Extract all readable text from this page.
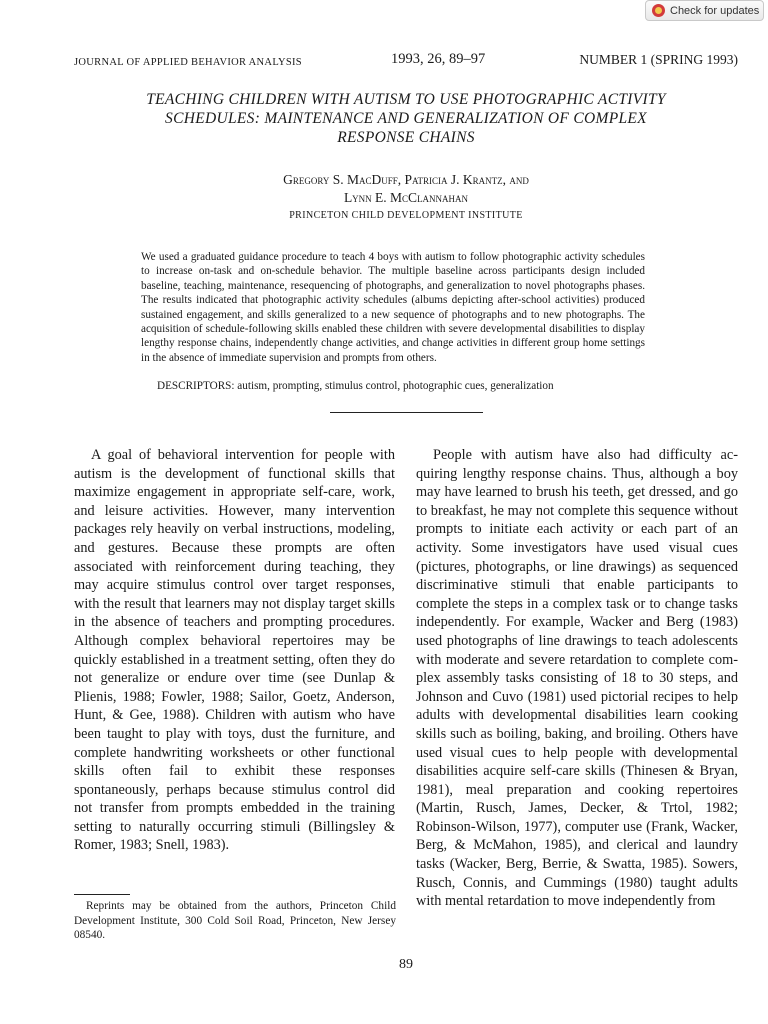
Check for updates
JOURNAL OF APPLIED BEHAVIOR ANALYSIS	1993, 26, 89–97	NUMBER 1 (SPRING 1993)
TEACHING CHILDREN WITH AUTISM TO USE PHOTOGRAPHIC ACTIVITY SCHEDULES: MAINTENANCE AND GENERALIZATION OF COMPLEX RESPONSE CHAINS
Gregory S. MacDuff, Patricia J. Krantz, and
Lynn E. McClannahan
PRINCETON CHILD DEVELOPMENT INSTITUTE

We used a graduated guidance procedure to teach 4 boys with autism to follow photographic activity schedules to increase on-task and on-schedule behavior. The multiple baseline across participants design included baseline, teaching, maintenance, resequencing of photographs, and generalization to novel photographs phases. The results indicated that photographic activity schedules (albums depicting after-school activities) produced sustained engagement, and skills generalized to a new sequence of photographs and to new photographs. The acquisition of schedule-following skills enabled these children with severe developmental disabilities to display lengthy response chains, independently change activities, and change activities in different group home settings in the absence of immediate supervision and prompts from others.

DESCRIPTORS: autism, prompting, stimulus control, photographic cues, generalization

A goal of behavioral intervention for people with autism is the development of functional skills that maximize engagement in appropriate self-care, work, and leisure activities. However, many intervention packages rely heavily on verbal instructions, modeling, and gestures. Because these prompts are often associated with reinforcement during teaching, they may acquire stimulus control over target responses, with the result that learners may not display target skills in the absence of teachers and prompting procedures. Although complex behavioral repertoires may be quickly established in a treatment setting, often they do not generalize or endure over time (see Dunlap & Plienis, 1988; Fowler, 1988; Sailor, Goetz, Anderson, Hunt, & Gee, 1988). Children with autism who have been taught to play with toys, dust the furniture, and complete handwriting worksheets or other functional skills often fail to exhibit these responses spontaneously, perhaps because stimulus control did not transfer from prompts embedded in the training setting to naturally occurring stimuli (Billingsley & Romer, 1983; Snell, 1983).

People with autism have also had difficulty acquiring lengthy response chains. Thus, although a boy may have learned to brush his teeth, get dressed, and go to breakfast, he may not complete this sequence without prompts to initiate each activity or each part of an activity. Some investigators have used visual cues (pictures, photographs, or line drawings) as sequenced discriminative stimuli that enable participants to complete the steps in a complex task or to change tasks independently. For example, Wacker and Berg (1983) used photographs of line drawings to teach adolescents with moderate and severe retardation to complete complex assembly tasks consisting of 18 to 30 steps, and Johnson and Cuvo (1981) used pictorial recipes to help adults with developmental disabilities learn cooking skills such as boiling, baking, and broiling. Others have used visual cues to help people with developmental disabilities acquire self-care skills (Thinesen & Bryan, 1981), meal preparation and cooking repertoires (Martin, Rusch, James, Decker, & Trtol, 1982; Robinson-Wilson, 1977), computer use (Frank, Wacker, Berg, & McMahon, 1985), and clerical and laundry tasks (Wacker, Berg, Berrie, & Swatta, 1985). Sowers, Rusch, Connis, and Cummings (1980) taught adults with mental retardation to move independently from

Reprints may be obtained from the authors, Princeton Child Development Institute, 300 Cold Soil Road, Princeton, New Jersey 08540.

89
